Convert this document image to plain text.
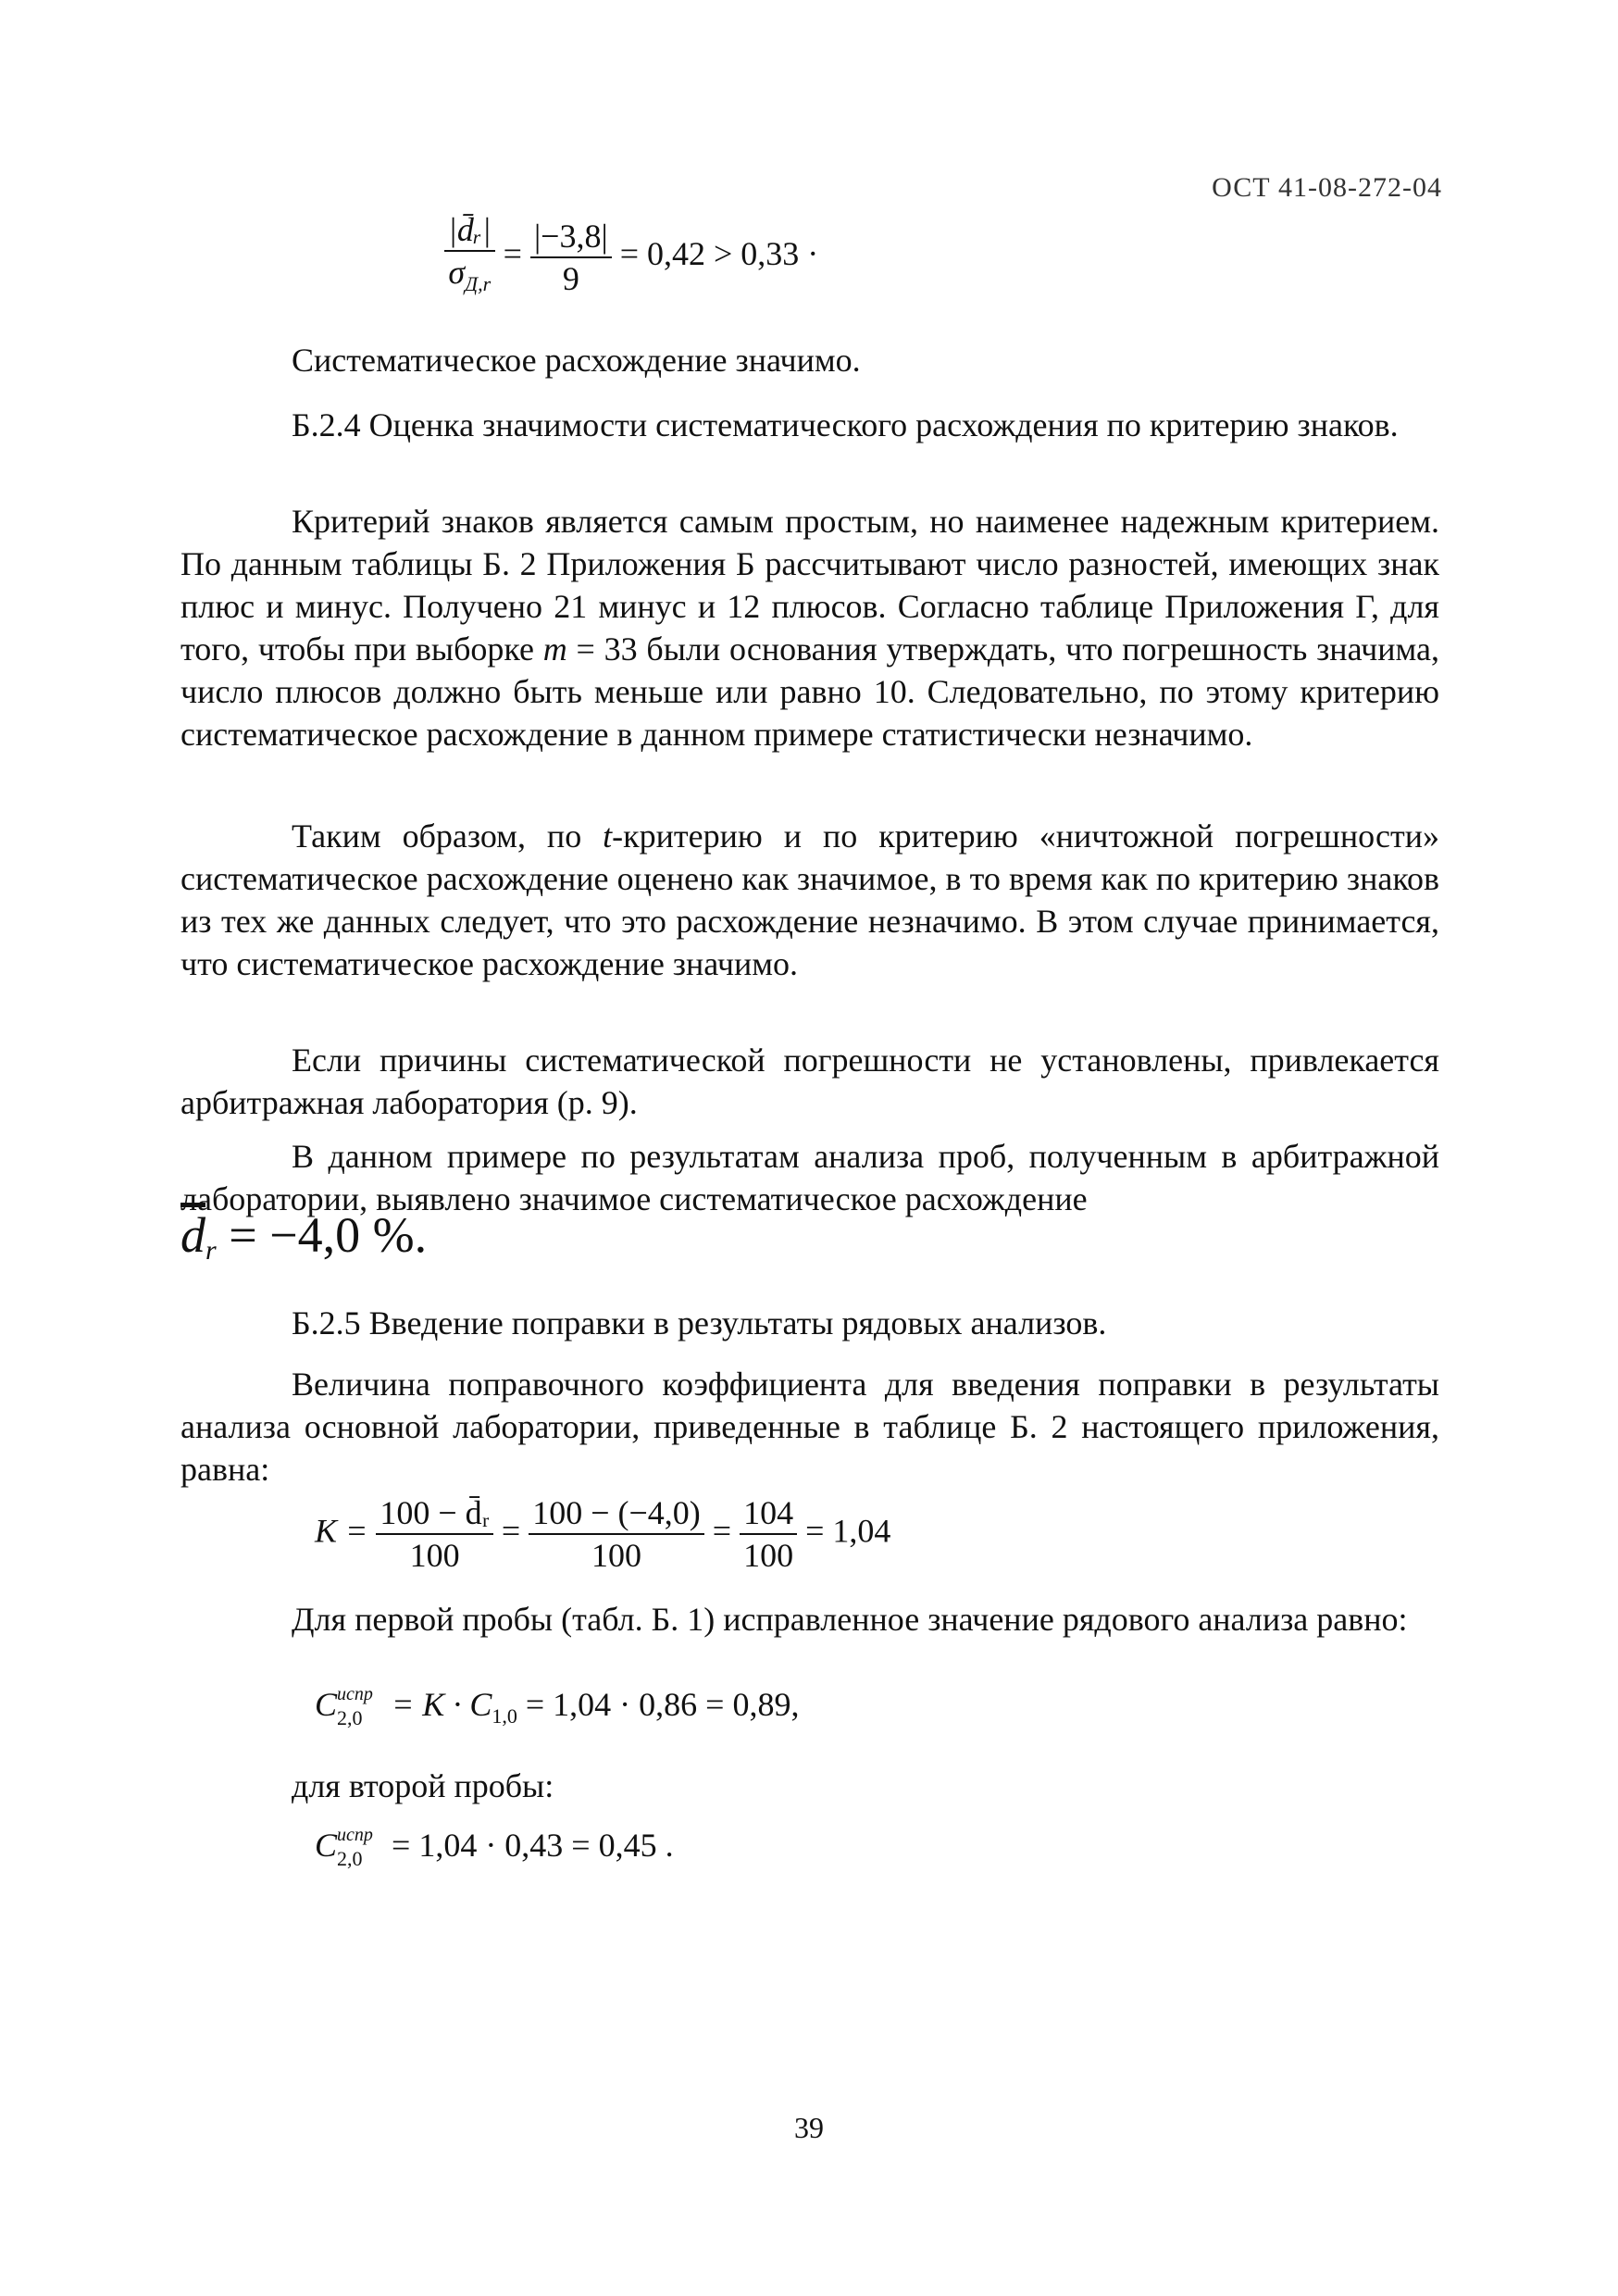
ОСТ 41-08-272-04
$\frac{\text{|d̄ᵣ|}}{\sigma_{Д,r}} = \frac{|-3,8|}{9} = 0,42 > 0,33$ ·
Систематическое расхождение значимо.
Б.2.4 Оценка значимости систематического расхождения по критерию знаков.
Критерий знаков является самым простым, но наименее надежным критерием. По данным таблицы Б. 2 Приложения Б рассчитывают число разностей, имеющих знак плюс и минус. Получено 21 минус и 12 плюсов. Согласно таблице Приложения Г, для того, чтобы при выборке m = 33 были основания утверждать, что погрешность значима, число плюсов должно быть меньше или равно 10. Следовательно, по этому критерию систематическое расхождение в данном примере статистически незначимо.
Таким образом, по t-критерию и по критерию «ничтожной погрешности» систематическое расхождение оценено как значимое, в то время как по критерию знаков из тех же данных следует, что это расхождение незначимо. В этом случае принимается, что систематическое расхождение значимо.
Если причины систематической погрешности не установлены, привлекается арбитражная лаборатория (р. 9).
В данном примере по результатам анализа проб, полученным в арбитражной лаборатории, выявлено значимое систематическое расхождение
$\overline{d}_r = -4,0$ %.
Б.2.5 Введение поправки в результаты рядовых анализов.
Величина поправочного коэффициента для введения поправки в результаты анализа основной лаборатории, приведенные в таблице Б. 2 настоящего приложения, равна:
$K = \frac{\text{100 − d̄ᵣ}}{100} = \frac{100 - (-4,0)}{100} = \frac{104}{100} = 1,04$
Для первой пробы (табл. Б. 1) исправленное значение рядового анализа равно:
C испр
$2,0 = K \cdot C_{1,0} = 1,04 \cdot 0,86 = 0,89$,
для второй пробы:
C испр
2,0 = 1,04 · 0,43 = 0,45 .
39
